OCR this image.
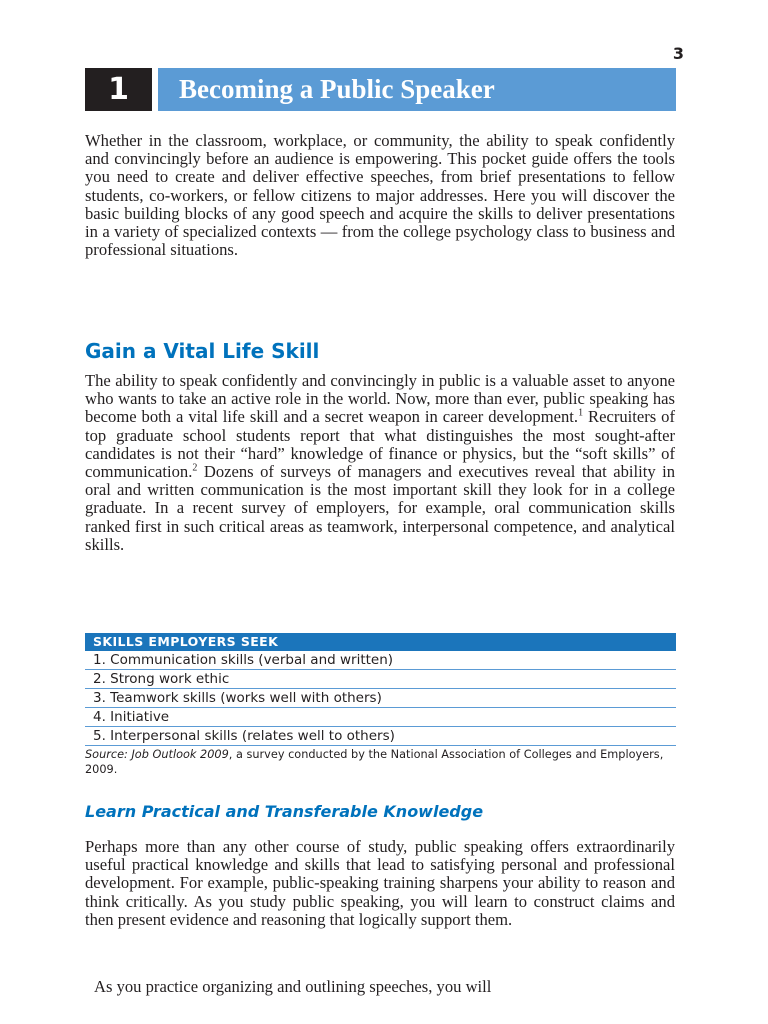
3
1	Becoming a Public Speaker

Whether in the classroom, workplace, or community, the ability to speak confidently and convincingly before an audience is empowering. This pocket guide offers the tools you need to create and deliver effective speeches, from brief presentations to fellow students, co-workers, or fellow citizens to major addresses. Here you will discover the basic building blocks of any good speech and acquire the skills to deliver presentations in a variety of specialized contexts — from the college psychology class to business and professional situations.

Gain a Vital Life Skill

The ability to speak confidently and convincingly in public is a valuable asset to anyone who wants to take an active role in the world. Now, more than ever, public speaking has become both a vital life skill and a secret weapon in career development.$^1$ Recruiters of top graduate school students report that what distinguishes the most sought-after candidates is not their “hard” knowledge of finance or physics, but the “soft skills” of communication.$^2$ Dozens of surveys of managers and executives reveal that ability in oral and written communication is the most important skill they look for in a college graduate. In a recent survey of employers, for example, oral communication skills ranked first in such critical areas as teamwork, interpersonal competence, and analytical skills.

SKILLS EMPLOYERS SEEK
1. Communication skills (verbal and written)
2. Strong work ethic
3. Teamwork skills (works well with others)
4. Initiative
5. Interpersonal skills (relates well to others)
Source: Job Outlook 2009, a survey conducted by the National Association of Colleges and Employers, 2009.
Learn Practical and Transferable Knowledge

Perhaps more than any other course of study, public speaking offers extraordinarily useful practical knowledge and skills that lead to satisfying personal and professional development. For example, public-speaking training sharpens your ability to reason and think critically. As you study public speaking, you will learn to construct claims and then present evidence and reasoning that logically support them.

As you practice organizing and outlining speeches, you will
